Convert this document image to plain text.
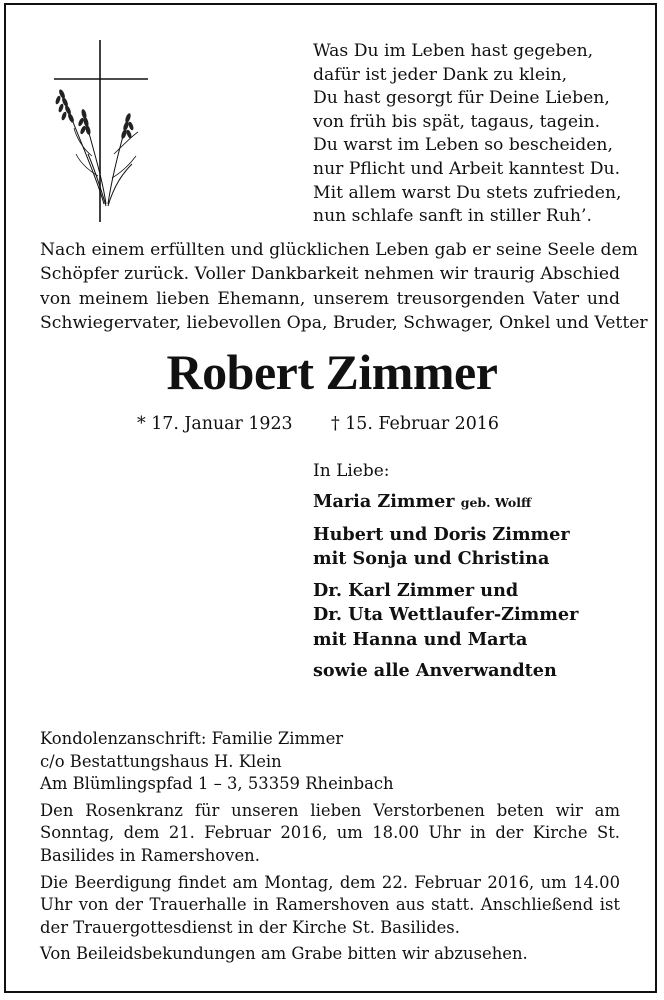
Was Du im Leben hast gegeben,
dafür ist jeder Dank zu klein,
Du hast gesorgt für Deine Lieben,
von früh bis spät, tagaus, tagein.
Du warst im Leben so bescheiden,
nur Pflicht und Arbeit kanntest Du.
Mit allem warst Du stets zufrieden,
nun schlafe sanft in stiller Ruh’.
Nach einem erfüllten und glücklichen Leben gab er seine Seele dem
Schöpfer zurück. Voller Dankbarkeit nehmen wir traurig Abschied
von meinem lieben Ehemann, unserem treusorgenden Vater und
Schwiegervater, liebevollen Opa, Bruder, Schwager, Onkel und Vetter
Robert Zimmer
* 17. Januar 1923 † 15. Februar 2016
In Liebe:
Maria Zimmer geb. Wolff
Hubert und Doris Zimmer
mit Sonja und Christina
Dr. Karl Zimmer und
Dr. Uta Wettlaufer-Zimmer
mit Hanna und Marta
sowie alle Anverwandten
Kondolenzanschrift: Familie Zimmer
c/o Bestattungshaus H. Klein
Am Blümlingspfad 1 – 3, 53359 Rheinbach

Den Rosenkranz für unseren lieben Verstorbenen beten wir am Sonntag, dem 21. Februar 2016, um 18.00 Uhr in der Kirche St. Basilides in Ramershoven.

Die Beerdigung findet am Montag, dem 22. Februar 2016, um 14.00 Uhr von der Trauerhalle in Ramershoven aus statt. Anschließend ist der Trauergottesdienst in der Kirche St. Basilides.

Von Beileidsbekundungen am Grabe bitten wir abzusehen.
